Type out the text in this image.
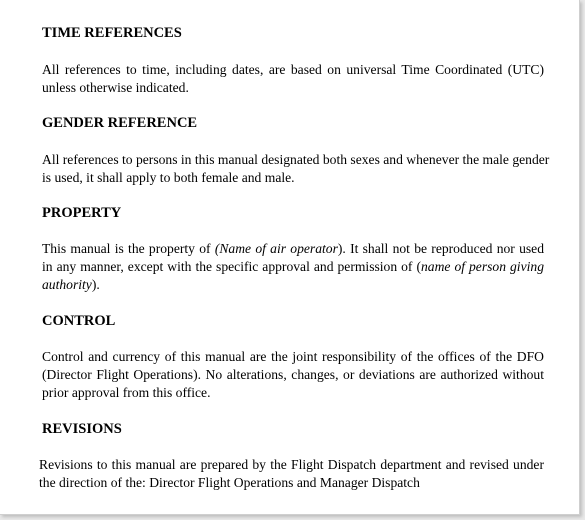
TIME REFERENCES
All references to time, including dates, are based on universal Time Coordinated (UTC)
unless otherwise indicated.
GENDER REFERENCE
All references to persons in this manual designated both sexes and whenever the male gender
is used, it shall apply to both female and male.
PROPERTY
This manual is the property of (Name of air operator). It shall not be reproduced nor used
in any manner, except with the specific approval and permission of (name of person giving
authority).
CONTROL
Control and currency of this manual are the joint responsibility of the offices of the DFO
(Director Flight Operations). No alterations, changes, or deviations are authorized without
prior approval from this office.
REVISIONS
Revisions to this manual are prepared by the Flight Dispatch department and revised under
the direction of the: Director Flight Operations and Manager Dispatch
